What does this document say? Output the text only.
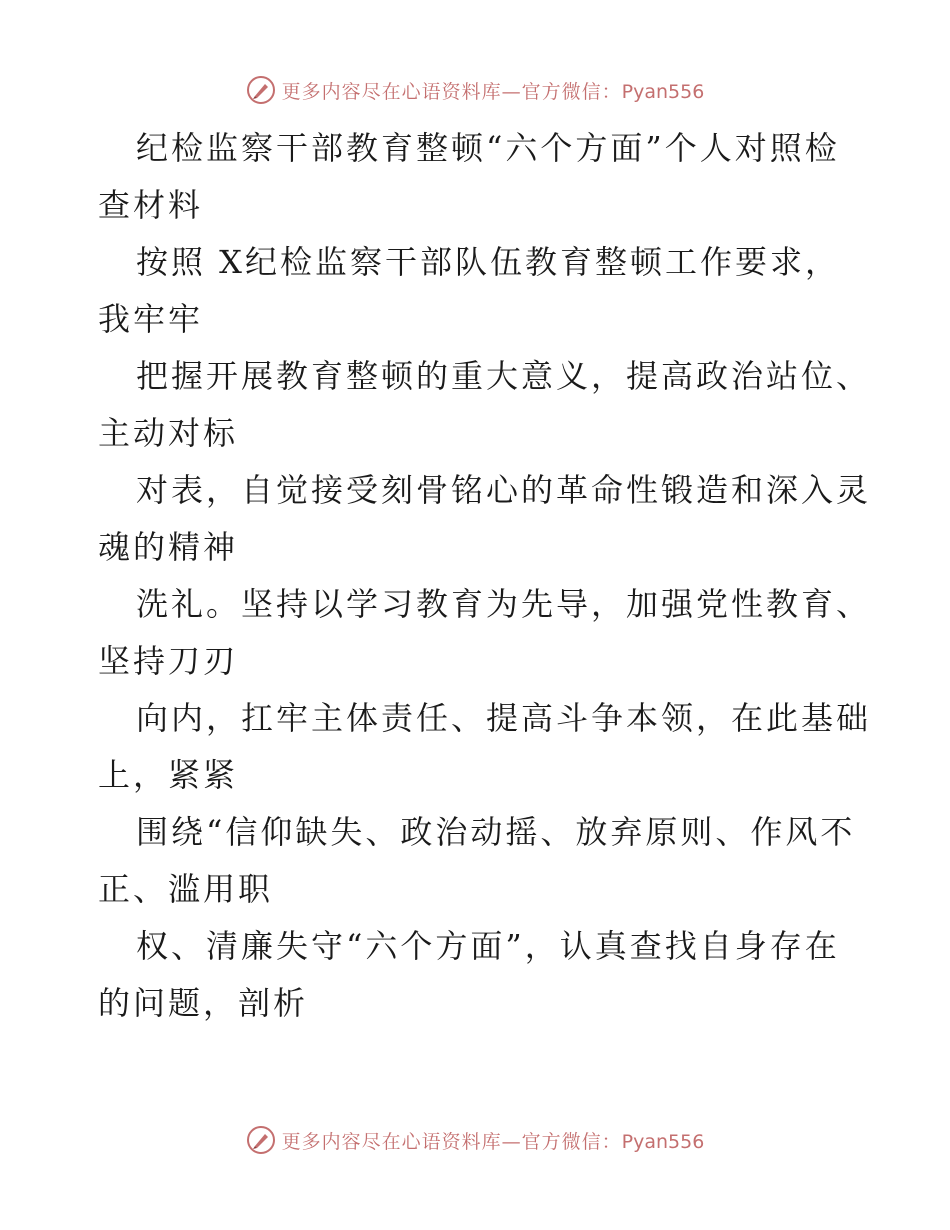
更多内容尽在心语资料库—官方微信：Pyan556
纪检监察干部教育整顿“六个方面”个人对照检
查材料
按照 X纪检监察干部队伍教育整顿工作要求，
我牢牢
把握开展教育整顿的重大意义，提高政治站位、
主动对标
对表，自觉接受刻骨铭心的革命性锻造和深入灵
魂的精神
洗礼。坚持以学习教育为先导，加强党性教育、
坚持刀刃
向内，扛牢主体责任、提高斗争本领，在此基础
上，紧紧
围绕“信仰缺失、政治动摇、放弃原则、作风不
正、滥用职
权、清廉失守“六个方面”，认真查找自身存在
的问题，剖析
更多内容尽在心语资料库—官方微信：Pyan556
